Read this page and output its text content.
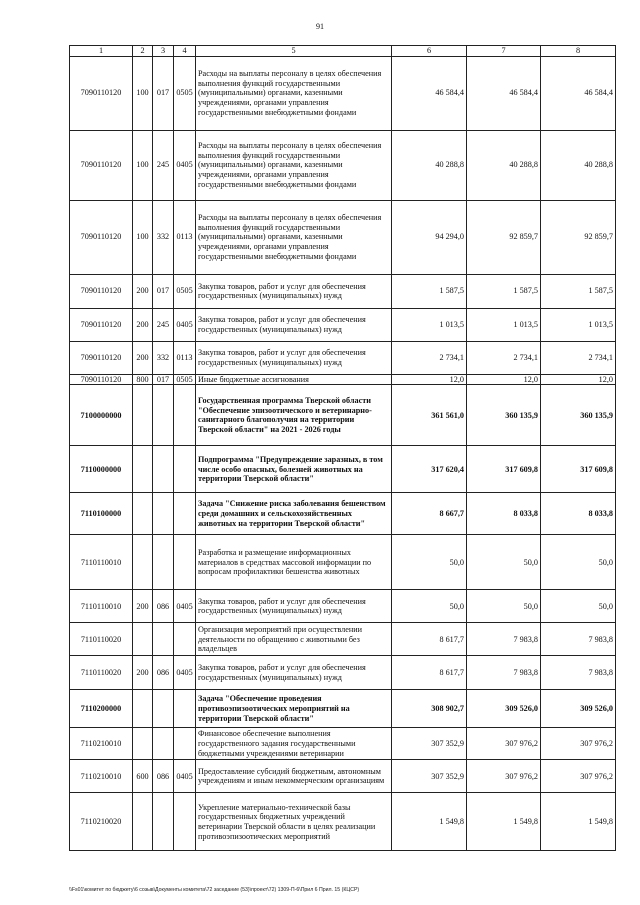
91
1	2	3	4	5	6	7	8
7090110120	100	017	0505	Расходы на выплаты персоналу в целях обеспечения выполнения функций государственными (муниципальными) органами, казенными учреждениями, органами управления государственными внебюджетными фондами	46 584,4	46 584,4	46 584,4
7090110120	100	245	0405	Расходы на выплаты персоналу в целях обеспечения выполнения функций государственными (муниципальными) органами, казенными учреждениями, органами управления государственными внебюджетными фондами	40 288,8	40 288,8	40 288,8
7090110120	100	332	0113	Расходы на выплаты персоналу в целях обеспечения выполнения функций государственными (муниципальными) органами, казенными учреждениями, органами управления государственными внебюджетными фондами	94 294,0	92 859,7	92 859,7
7090110120	200	017	0505	Закупка товаров, работ и услуг для обеспечения государственных (муниципальных) нужд	1 587,5	1 587,5	1 587,5
7090110120	200	245	0405	Закупка товаров, работ и услуг для обеспечения государственных (муниципальных) нужд	1 013,5	1 013,5	1 013,5
7090110120	200	332	0113	Закупка товаров, работ и услуг для обеспечения государственных (муниципальных) нужд	2 734,1	2 734,1	2 734,1
7090110120	800	017	0505	Иные бюджетные ассигнования	12,0	12,0	12,0
7100000000				Государственная программа Тверской области "Обеспечение эпизоотического и ветеринарно-санитарного благополучия на территории Тверской области" на 2021 - 2026 годы	361 561,0	360 135,9	360 135,9
7110000000				Подпрограмма "Предупреждение заразных, в том числе особо опасных, болезней животных на территории Тверской области"	317 620,4	317 609,8	317 609,8
7110100000				Задача "Снижение риска заболевания бешенством среди домашних и сельскохозяйственных животных на территории Тверской области"	8 667,7	8 033,8	8 033,8
7110110010				Разработка и размещение информационных материалов в средствах массовой информации по вопросам профилактики бешенства животных	50,0	50,0	50,0
7110110010	200	086	0405	Закупка товаров, работ и услуг для обеспечения государственных (муниципальных) нужд	50,0	50,0	50,0
7110110020				Организация мероприятий при осуществлении деятельности по обращению с животными без владельцев	8 617,7	7 983,8	7 983,8
7110110020	200	086	0405	Закупка товаров, работ и услуг для обеспечения государственных (муниципальных) нужд	8 617,7	7 983,8	7 983,8
7110200000				Задача "Обеспечение проведения противоэпизоотических мероприятий на территории Тверской области"	308 902,7	309 526,0	309 526,0
7110210010				Финансовое обеспечение выполнения государственного задания государственными бюджетными учреждениями ветеринарии	307 352,9	307 976,2	307 976,2
7110210010	600	086	0405	Предоставление субсидий бюджетным, автономным учреждениям и иным некоммерческим организациям	307 352,9	307 976,2	307 976,2
7110210020				Укрепление материально-технической базы государственных бюджетных учреждений ветеринарии Тверской области в целях реализации противоэпизоотических мероприятий	1 549,8	1 549,8	1 549,8
\\Fs01\комитет по бюджету\6 созыв\Документы комитета\72 заседание (53)\проект\72) 1309-П-6\Прил 6 Прил. 15 (КЦСР)
